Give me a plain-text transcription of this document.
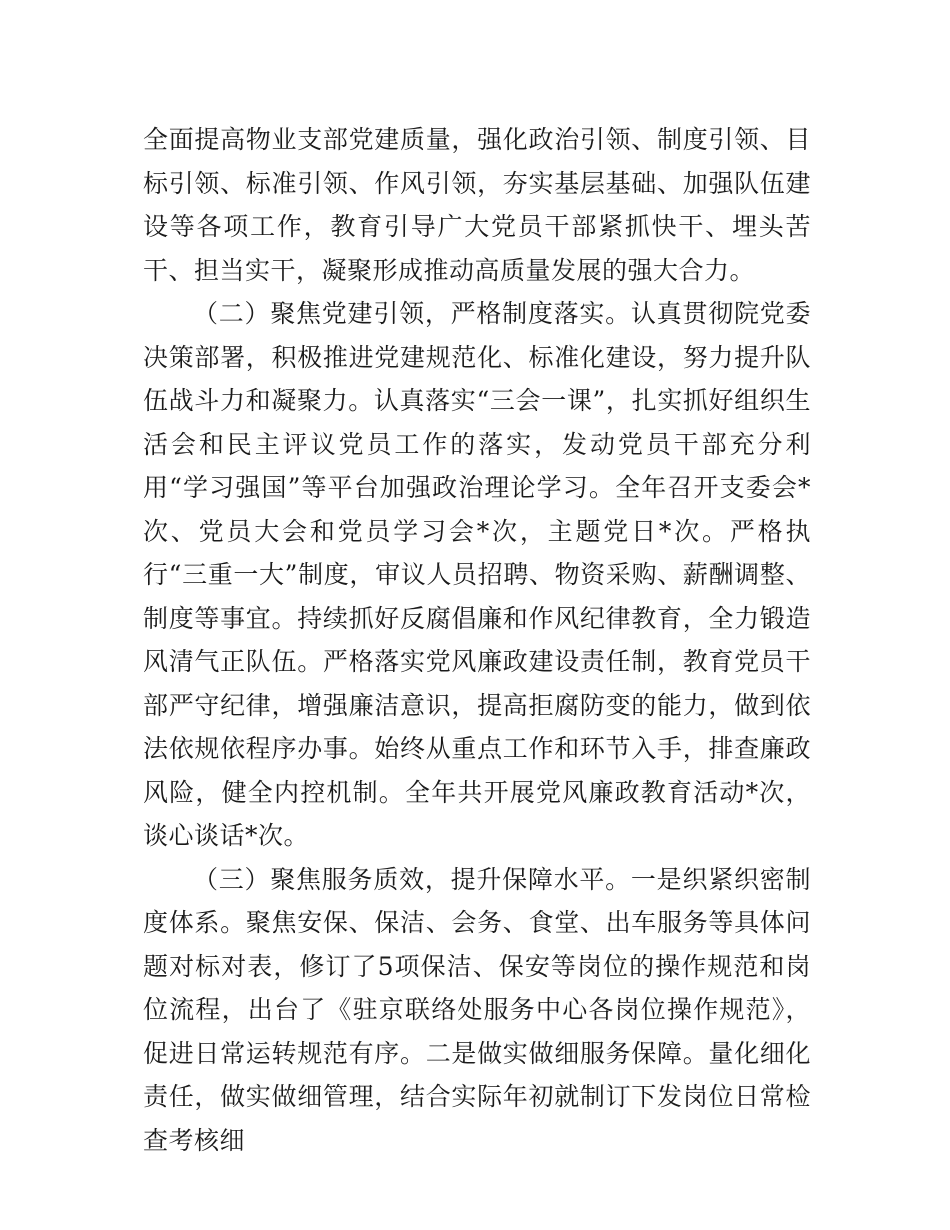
全面提高物业支部党建质量，强化政治引领、制度引领、目标引领、标准引领、作风引领，夯实基层基础、加强队伍建设等各项工作，教育引导广大党员干部紧抓快干、埋头苦干、担当实干，凝聚形成推动高质量发展的强大合力。

（二）聚焦党建引领，严格制度落实。认真贯彻院党委决策部署，积极推进党建规范化、标准化建设，努力提升队伍战斗力和凝聚力。认真落实“三会一课”，扎实抓好组织生活会和民主评议党员工作的落实，发动党员干部充分利用“学习强国”等平台加强政治理论学习。全年召开支委会*次、党员大会和党员学习会*次，主题党日*次。严格执行“三重一大”制度，审议人员招聘、物资采购、薪酬调整、制度等事宜。持续抓好反腐倡廉和作风纪律教育，全力锻造风清气正队伍。严格落实党风廉政建设责任制，教育党员干部严守纪律，增强廉洁意识，提高拒腐防变的能力，做到依法依规依程序办事。始终从重点工作和环节入手，排查廉政风险，健全内控机制。全年共开展党风廉政教育活动*次，谈心谈话*次。

（三）聚焦服务质效，提升保障水平。一是织紧织密制度体系。聚焦安保、保洁、会务、食堂、出车服务等具体问题对标对表，修订了5项保洁、保安等岗位的操作规范和岗位流程，出台了《驻京联络处服务中心各岗位操作规范》，促进日常运转规范有序。二是做实做细服务保障。量化细化责任，做实做细管理，结合实际年初就制订下发岗位日常检查考核细
